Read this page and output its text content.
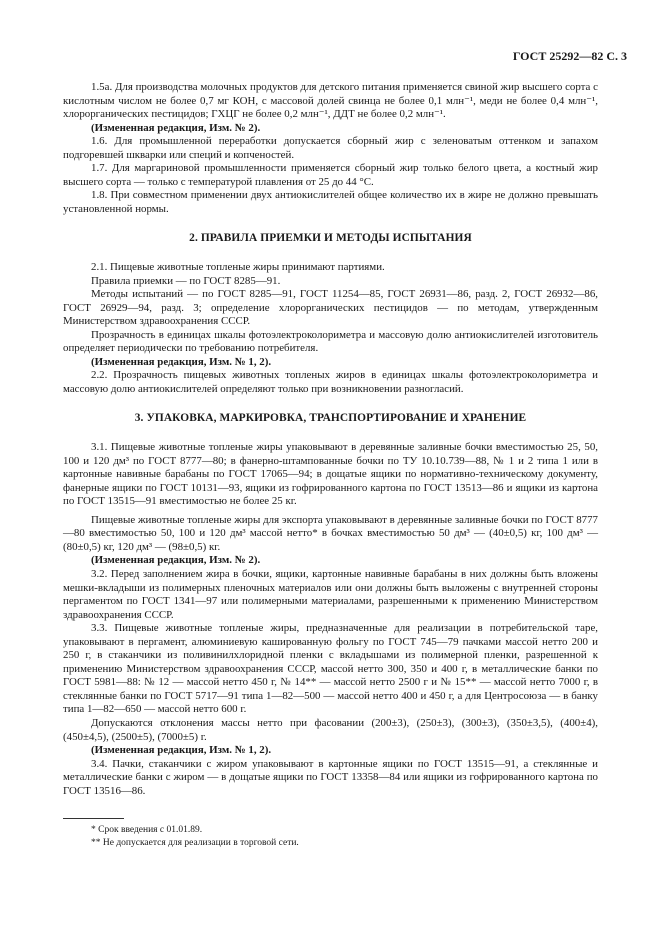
ГОСТ 25292—82 С. 3

1.5а. Для производства молочных продуктов для детского питания применяется свиной жир высшего сорта с кислотным числом не более 0,7 мг КОН, с массовой долей свинца не более 0,1 млн⁻¹, меди не более 0,4 млн⁻¹, хлорорганических пестицидов; ГХЦГ не более 0,2 млн⁻¹, ДДТ не более 0,2 млн⁻¹.

(Измененная редакция, Изм. № 2).

1.6. Для промышленной переработки допускается сборный жир с зеленоватым оттенком и запахом подгоревшей шкварки или специй и копченостей.

1.7. Для маргариновой промышленности применяется сборный жир только белого цвета, а костный жир высшего сорта — только с температурой плавления от 25 до 44 °С.

1.8. При совместном применении двух антиокислителей общее количество их в жире не должно превышать установленной нормы.

2. ПРАВИЛА ПРИЕМКИ И МЕТОДЫ ИСПЫТАНИЯ

2.1. Пищевые животные топленые жиры принимают партиями.

Правила приемки — по ГОСТ 8285—91.

Методы испытаний — по ГОСТ 8285—91, ГОСТ 11254—85, ГОСТ 26931—86, разд. 2, ГОСТ 26932—86, ГОСТ 26929—94, разд. 3; определение хлорорганических пестицидов — по методам, утвержденным Министерством здравоохранения СССР.

Прозрачность в единицах шкалы фотоэлектроколориметра и массовую долю антиокислителей изготовитель определяет периодически по требованию потребителя.

(Измененная редакция, Изм. № 1, 2).

2.2. Прозрачность пищевых животных топленых жиров в единицах шкалы фотоэлектроколориметра и массовую долю антиокислителей определяют только при возникновении разногласий.

3. УПАКОВКА, МАРКИРОВКА, ТРАНСПОРТИРОВАНИЕ И ХРАНЕНИЕ

3.1. Пищевые животные топленые жиры упаковывают в деревянные заливные бочки вместимостью 25, 50, 100 и 120 дм³ по ГОСТ 8777—80; в фанерно-штампованные бочки по ТУ 10.10.739—88, № 1 и 2 типа 1 или в картонные навивные барабаны по ГОСТ 17065—94; в дощатые ящики по нормативно-техническому документу, фанерные ящики по ГОСТ 10131—93, ящики из гофрированного картона по ГОСТ 13513—86 и ящики из картона по ГОСТ 13515—91 вместимостью не более 25 кг.

Пищевые животные топленые жиры для экспорта упаковывают в деревянные заливные бочки по ГОСТ 8777—80 вместимостью 50, 100 и 120 дм³ массой нетто* в бочках вместимостью 50 дм³ — (40±0,5) кг, 100 дм³ — (80±0,5) кг, 120 дм³ — (98±0,5) кг.

(Измененная редакция, Изм. № 2).

3.2. Перед заполнением жира в бочки, ящики, картонные навивные барабаны в них должны быть вложены мешки-вкладыши из полимерных пленочных материалов или они должны быть выложены с внутренней стороны пергаментом по ГОСТ 1341—97 или полимерными материалами, разрешенными к применению Министерством здравоохранения СССР.

3.3. Пищевые животные топленые жиры, предназначенные для реализации в потребительской таре, упаковывают в пергамент, алюминиевую кашированную фольгу по ГОСТ 745—79 пачками массой нетто 200 и 250 г, в стаканчики из поливинилхлоридной пленки с вкладышами из полимерной пленки, разрешенной к применению Министерством здравоохранения СССР, массой нетто 300, 350 и 400 г, в металлические банки по ГОСТ 5981—88: № 12 — массой нетто 450 г, № 14** — массой нетто 2500 г и № 15** — массой нетто 7000 г, в стеклянные банки по ГОСТ 5717—91 типа 1—82—500 — массой нетто 400 и 450 г, а для Центросоюза — в банку типа 1—82—650 — массой нетто 600 г.

Допускаются отклонения массы нетто при фасовании (200±3), (250±3), (300±3), (350±3,5), (400±4), (450±4,5), (2500±5), (7000±5) г.

(Измененная редакция, Изм. № 1, 2).

3.4. Пачки, стаканчики с жиром упаковывают в картонные ящики по ГОСТ 13515—91, а стеклянные и металлические банки с жиром — в дощатые ящики по ГОСТ 13358—84 или ящики из гофрированного картона по ГОСТ 13516—86.

* Срок введения с 01.01.89.
** Не допускается для реализации в торговой сети.
